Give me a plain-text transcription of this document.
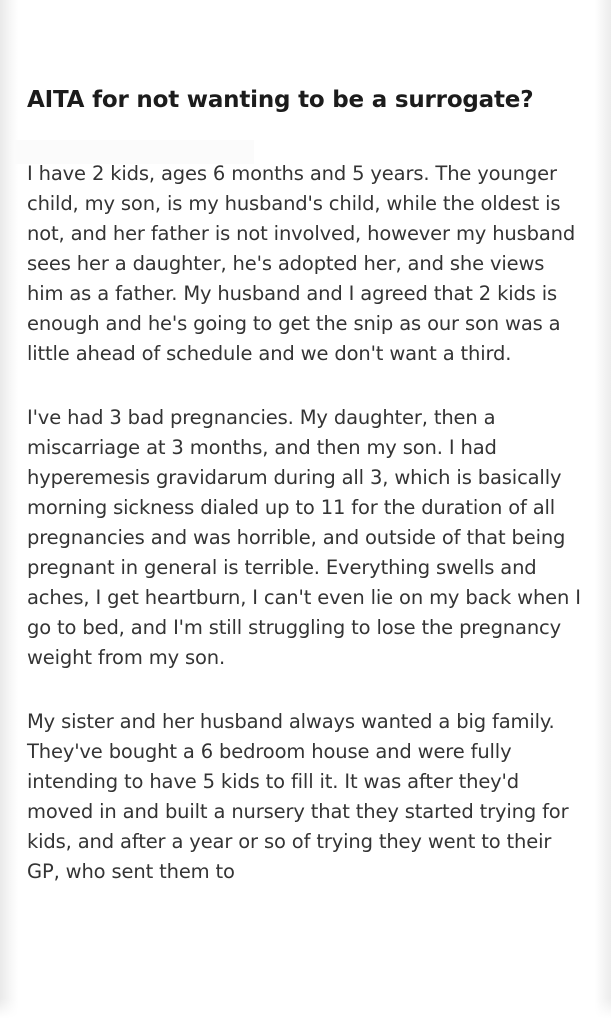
AITA for not wanting to be a surrogate?

I have 2 kids, ages 6 months and 5 years. The younger child, my son, is my husband's child, while the oldest is not, and her father is not involved, however my husband sees her a daughter, he's adopted her, and she views him as a father. My husband and I agreed that 2 kids is enough and he's going to get the snip as our son was a little ahead of schedule and we don't want a third.

I've had 3 bad pregnancies. My daughter, then a miscarriage at 3 months, and then my son. I had hyperemesis gravidarum during all 3, which is basically morning sickness dialed up to 11 for the duration of all pregnancies and was horrible, and outside of that being pregnant in general is terrible. Everything swells and aches, I get heartburn, I can't even lie on my back when I go to bed, and I'm still struggling to lose the pregnancy weight from my son.

My sister and her husband always wanted a big family. They've bought a 6 bedroom house and were fully intending to have 5 kids to fill it. It was after they'd moved in and built a nursery that they started trying for kids, and after a year or so of trying they went to their GP, who sent them to
